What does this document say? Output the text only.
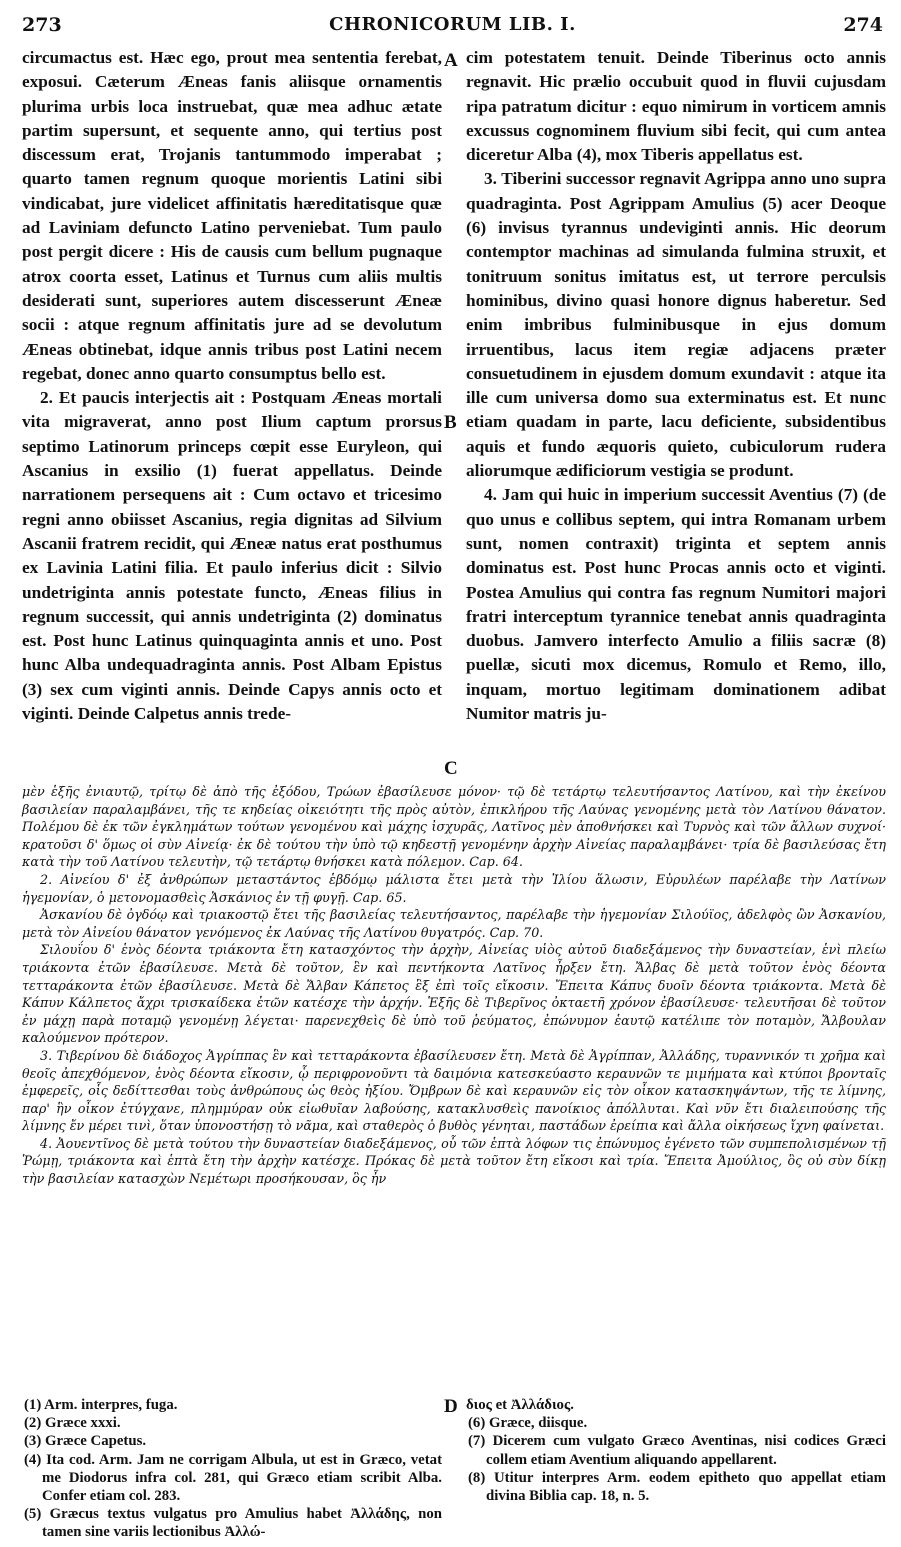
273	CHRONICORUM LIB. I.	274

circumactus est. Hæc ego, prout mea sententia ferebat, exposui. Cæterum Æneas fanis aliisque ornamentis plurima urbis loca instruebat, quæ mea adhuc ætate partim supersunt, et sequente anno, qui tertius post discessum erat, Trojanis tantummodo imperabat ; quarto tamen regnum quoque morientis Latini sibi vindicabat, jure videlicet affinitatis hæreditatisque quæ ad Laviniam defuncto Latino perveniebat. Tum paulo post pergit dicere : His de causis cum bellum pugnaque atrox coorta esset, Latinus et Turnus cum aliis multis desiderati sunt, superiores autem discesserunt Æneæ socii : atque regnum affinitatis jure ad se devolutum Æneas obtinebat, idque annis tribus post Latini necem regebat, donec anno quarto consumptus bello est.

2. Et paucis interjectis ait : Postquam Æneas mortali vita migraverat, anno post Ilium captum prorsus septimo Latinorum princeps cœpit esse Euryleon, qui Ascanius in exsilio (1) fuerat appellatus. Deinde narrationem persequens ait : Cum octavo et tricesimo regni anno obiisset Ascanius, regia dignitas ad Silvium Ascanii fratrem recidit, qui Æneæ natus erat posthumus ex Lavinia Latini filia. Et paulo inferius dicit : Silvio undetriginta annis potestate functo, Æneas filius in regnum successit, qui annis undetriginta (2) dominatus est. Post hunc Latinus quinquaginta annis et uno. Post hunc Alba undequadraginta annis. Post Albam Epistus (3) sex cum viginti annis. Deinde Capys annis octo et viginti. Deinde Calpetus annis trede-

A
B
C

cim potestatem tenuit. Deinde Tiberinus octo annis regnavit. Hic prælio occubuit quod in fluvii cujusdam ripa patratum dicitur : equo nimirum in vorticem amnis excussus cognominem fluvium sibi fecit, qui cum antea diceretur Alba (4), mox Tiberis appellatus est.

3. Tiberini successor regnavit Agrippa anno uno supra quadraginta. Post Agrippam Amulius (5) acer Deoque (6) invisus tyrannus undeviginti annis. Hic deorum contemptor machinas ad simulanda fulmina struxit, et tonitruum sonitus imitatus est, ut terrore perculsis hominibus, divino quasi honore dignus haberetur. Sed enim imbribus fulminibusque in ejus domum irruentibus, lacus item regiæ adjacens præter consuetudinem in ejusdem domum exundavit : atque ita ille cum universa domo sua exterminatus est. Et nunc etiam quadam in parte, lacu deficiente, subsidentibus aquis et fundo æquoris quieto, cubiculorum rudera aliorumque ædificiorum vestigia se produnt.

4. Jam qui huic in imperium successit Aventius (7) (de quo unus e collibus septem, qui intra Romanam urbem sunt, nomen contraxit) triginta et septem annis dominatus est. Post hunc Procas annis octo et viginti. Postea Amulius qui contra fas regnum Numitori majori fratri interceptum tyrannice tenebat annis quadraginta duobus. Jamvero interfecto Amulio a filiis sacræ (8) puellæ, sicuti mox dicemus, Romulo et Remo, illo, inquam, mortuo legitimam dominationem adibat Numitor matris ju-

μὲν ἑξῆς ἐνιαυτῷ, τρίτῳ δὲ ἀπὸ τῆς ἐξόδου, Τρώων ἐβασίλευσε μόνον· τῷ δὲ τετάρτῳ τελευτήσαντος Λατίνου, καὶ τὴν ἐκείνου βασιλείαν παραλαμβάνει, τῆς τε κηδείας οἰκειότητι τῆς πρὸς αὐτὸν, ἐπικλήρου τῆς Λαύνας γενομένης μετὰ τὸν Λατίνου θάνατον. Πολέμου δὲ ἐκ τῶν ἐγκλημάτων τούτων γενομένου καὶ μάχης ἰσχυρᾶς, Λατῖνος μὲν ἀποθνήσκει καὶ Τυρνὸς καὶ τῶν ἄλλων συχνοί· κρατοῦσι δ' ὅμως οἱ σὺν Αἰνείᾳ· ἐκ δὲ τούτου τὴν ὑπὸ τῷ κηδεστῇ γενομένην ἀρχὴν Αἰνείας παραλαμβάνει· τρία δὲ βασιλεύσας ἔτη κατὰ τὴν τοῦ Λατίνου τελευτὴν, τῷ τετάρτῳ θνήσκει κατὰ πόλεμον. Cap. 64.

2. Αἰνείου δ' ἐξ ἀνθρώπων μεταστάντος ἑβδόμῳ μάλιστα ἔτει μετὰ τὴν Ἰλίου ἅλωσιν, Εὐρυλέων παρέλαβε τὴν Λατίνων ἡγεμονίαν, ὁ μετονομασθεὶς Ἀσκάνιος ἐν τῇ φυγῇ. Cap. 65.

Ἀσκανίου δὲ ὀγδόῳ καὶ τριακοστῷ ἔτει τῆς βασιλείας τελευτήσαντος, παρέλαβε τὴν ἡγεμονίαν Σιλούϊος, ἀδελφὸς ὢν Ἀσκανίου, μετὰ τὸν Αἰνείου θάνατον γενόμενος ἐκ Λαύνας τῆς Λατίνου θυγατρός. Cap. 70.

Σιλουΐου δ' ἑνὸς δέοντα τριάκοντα ἔτη κατασχόντος τὴν ἀρχὴν, Αἰνείας υἱὸς αὐτοῦ διαδεξάμενος τὴν δυναστείαν, ἑνὶ πλείω τριάκοντα ἐτῶν ἐβασίλευσε. Μετὰ δὲ τοῦτον, ἓν καὶ πεντήκοντα Λατῖνος ἦρξεν ἔτη. Ἄλβας δὲ μετὰ τοῦτον ἑνὸς δέοντα τετταράκοντα ἐτῶν ἐβασίλευσε. Μετὰ δὲ Ἄλβαν Κάπετος ἓξ ἐπὶ τοῖς εἴκοσιν. Ἔπειτα Κάπυς δυοῖν δέοντα τριάκοντα. Μετὰ δὲ Κάπυν Κάλπετος ἄχρι τρισκαίδεκα ἐτῶν κατέσχε τὴν ἀρχήν. Ἑξῆς δὲ Τιβερῖνος ὀκταετῆ χρόνον ἐβασίλευσε· τελευτῆσαι δὲ τοῦτον ἐν μάχῃ παρὰ ποταμῷ γενομένῃ λέγεται· παρενεχθεὶς δὲ ὑπὸ τοῦ ῥεύματος, ἐπώνυμον ἑαυτῷ κατέλιπε τὸν ποταμὸν, Ἄλβουλαν καλούμενον πρότερον.

3. Τιβερίνου δὲ διάδοχος Ἀγρίππας ἓν καὶ τετταράκοντα ἐβασίλευσεν ἔτη. Μετὰ δὲ Ἀγρίππαν, Ἀλλάδης, τυραννικόν τι χρῆμα καὶ θεοῖς ἀπεχθόμενον, ἑνὸς δέοντα εἴκοσιν, ᾧ περιφρονοῦντι τὰ δαιμόνια κατεσκεύαστο κεραυνῶν τε μιμήματα καὶ κτύποι βρονταῖς ἐμφερεῖς, οἷς δεδίττεσθαι τοὺς ἀνθρώπους ὡς θεὸς ἠξίου. Ὄμβρων δὲ καὶ κεραυνῶν εἰς τὸν οἶκον κατασκηψάντων, τῆς τε λίμνης, παρ' ἣν οἶκον ἐτύγχανε, πλημμύραν οὐκ εἰωθυῖαν λαβούσης, κατακλυσθεὶς πανοίκιος ἀπόλλυται. Καὶ νῦν ἔτι διαλειπούσης τῆς λίμνης ἔν μέρει τινὶ, ὅταν ὑπονοστήσῃ τὸ νᾶμα, καὶ σταθερὸς ὁ βυθὸς γένηται, παστάδων ἐρείπια καὶ ἄλλα οἰκήσεως ἴχνη φαίνεται.

4. Ἀουεντῖνος δὲ μετὰ τούτου τὴν δυναστείαν διαδεξάμενος, οὗ τῶν ἑπτὰ λόφων τις ἐπώνυμος ἐγένετο τῶν συμπεπολισμένων τῇ Ῥώμῃ, τριάκοντα καὶ ἑπτὰ ἔτη τὴν ἀρχὴν κατέσχε. Πρόκας δὲ μετὰ τοῦτον ἔτη εἴκοσι καὶ τρία. Ἔπειτα Ἀμούλιος, ὃς οὐ σὺν δίκῃ τὴν βασιλείαν κατασχὼν Νεμέτωρι προσήκουσαν, ὃς ἦν

(1) Arm. interpres, fuga.

(2) Græce xxxi.

(3) Græce Capetus.

(4) Ita cod. Arm. Jam ne corrigam Albula, ut est in Græco, vetat me Diodorus infra col. 281, qui Græco etiam scribit Alba. Confer etiam col. 283.

(5) Græcus textus vulgatus pro Amulius habet Ἀλλάδης, non tamen sine variis lectionibus Ἀλλώ-

D διος et Ἀλλάδιος.

(6) Græce, diisque.

(7) Dicerem cum vulgato Græco Aventinas, nisi codices Græci collem etiam Aventium aliquando appellarent.

(8) Utitur interpres Arm. eodem epitheto quo appellat etiam divina Biblia cap. 18, n. 5.
